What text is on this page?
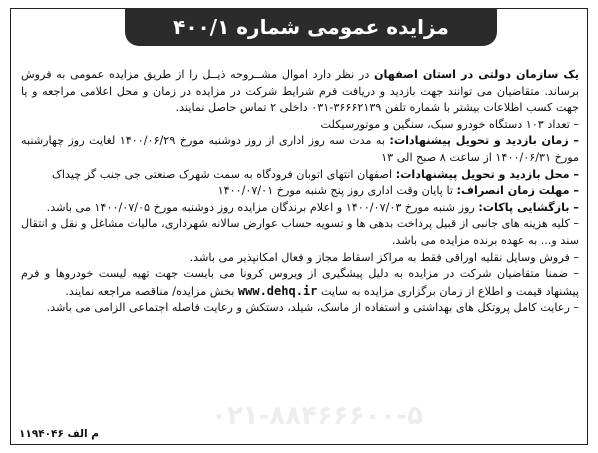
مزایده عمومی شماره ۴۰۰/۱

یک سازمان دولتی در استان اصفهان در نظر دارد اموال مشــروحه ذیــل را از طریق مزایده عمومی به فروش برساند. متقاضیان می توانند جهت بازدید و دریافت فرم شرایط شرکت در مزایده در زمان و محل اعلامی مراجعه و یا جهت کسب اطلاعات بیشتر با شماره تلفن ۳۶۶۶۲۱۳۹-۰۳۱ داخلی ۲ تماس حاصل نمایند.

– تعداد ۱۰۳ دستگاه خودرو سبک، سنگین و موتورسیکلت

– زمان بازدید و تحویل پیشنهادات: به مدت سه روز اداری از روز دوشنبه مورخ ۱۴۰۰/۰۶/۲۹ لغایت روز چهارشنبه مورخ ۱۴۰۰/۰۶/۳۱ از ساعت ۸ صبح الی ۱۳

– محل بازدید و تحویل پیشنهادات: اصفهان انتهای اتوبان فرودگاه به سمت شهرک صنعتی جی جنب گز چیداک

– مهلت زمان انصراف: تا پایان وقت اداری روز پنج شنبه مورخ ۱۴۰۰/۰۷/۰۱

– بازگشایی پاکات: روز شنبه مورخ ۱۴۰۰/۰۷/۰۳ و اعلام برندگان مزایده روز دوشنبه مورخ ۱۴۰۰/۰۷/۰۵ می باشد.

– کلیه هزینه های جانبی از قبیل پرداخت بدهی ها و تسویه حساب عوارض سالانه شهرداری، مالیات مشاغل و نقل و انتقال سند و... به عهده برنده مزایده می باشد.

– فروش وسایل نقلیه اوراقی فقط به مراکز اسقاط مجاز و فعال امکانپذیر می باشد.

– ضمنا متقاضیان شرکت در مزایده به دلیل پیشگیری از ویروس کرونا می بایست جهت تهیه لیست خودروها و فرم پیشنهاد قیمت و اطلاع از زمان برگزاری مزایده به سایت www.dehq.ir بخش مزایده/ مناقصه مراجعه نمایند.

– رعایت کامل پروتکل های بهداشتی و استفاده از ماسک، شیلد، دستکش و رعایت فاصله اجتماعی الزامی می باشد.

۰۲۱-۸۸۴۶۶۶۰۰-۵
م الف ۱۱۹۴۰۴۶
